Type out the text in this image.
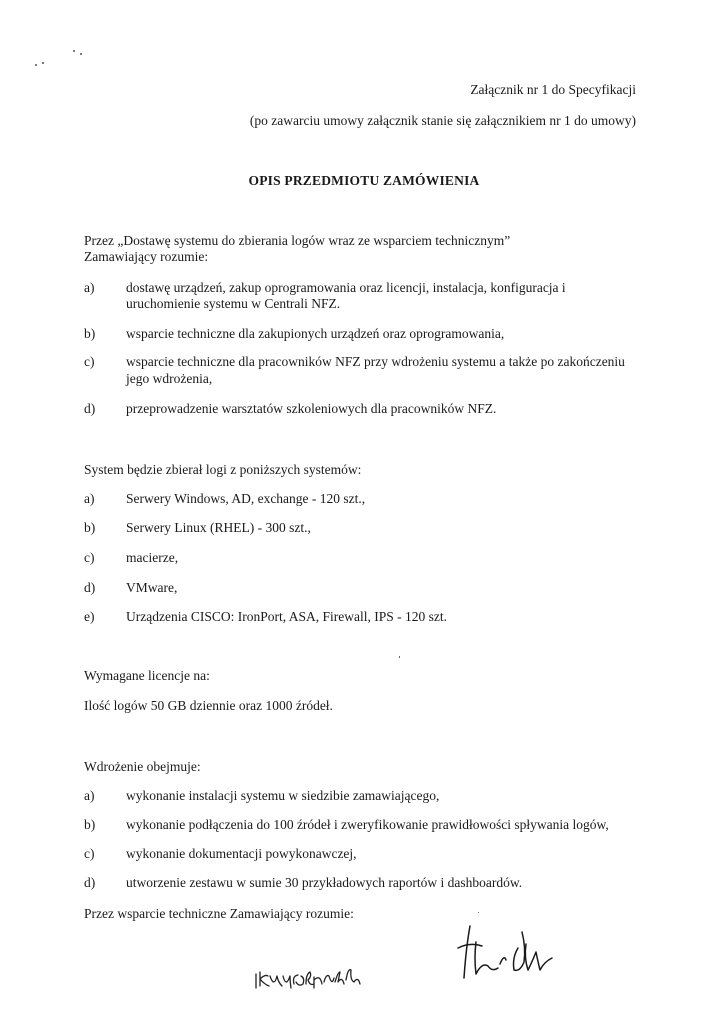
Załącznik nr 1 do Specyfikacji
(po zawarciu umowy załącznik stanie się załącznikiem nr 1 do umowy)
OPIS PRZEDMIOTU ZAMÓWIENIA
Przez „Dostawę systemu do zbierania logów wraz ze wsparciem technicznym”
Zamawiający rozumie:
a) dostawę urządzeń, zakup oprogramowania oraz licencji, instalacja, konfiguracja i
uruchomienie systemu w Centrali NFZ.
b) wsparcie techniczne dla zakupionych urządzeń oraz oprogramowania,
c) wsparcie techniczne dla pracowników NFZ przy wdrożeniu systemu a także po zakończeniu
jego wdrożenia,
d) przeprowadzenie warsztatów szkoleniowych dla pracowników NFZ.
System będzie zbierał logi z poniższych systemów:
a) Serwery Windows, AD, exchange - 120 szt.,
b) Serwery Linux (RHEL) - 300 szt.,
c) macierze,
d) VMware,
e) Urządzenia CISCO: IronPort, ASA, Firewall, IPS - 120 szt.
Wymagane licencje na:
Ilość logów 50 GB dziennie oraz 1000 źródeł.
Wdrożenie obejmuje:
a) wykonanie instalacji systemu w siedzibie zamawiającego,
b) wykonanie podłączenia do 100 źródeł i zweryfikowanie prawidłowości spływania logów,
c) wykonanie dokumentacji powykonawczej,
d) utworzenie zestawu w sumie 30 przykładowych raportów i dashboardów.
Przez wsparcie techniczne Zamawiający rozumie:
